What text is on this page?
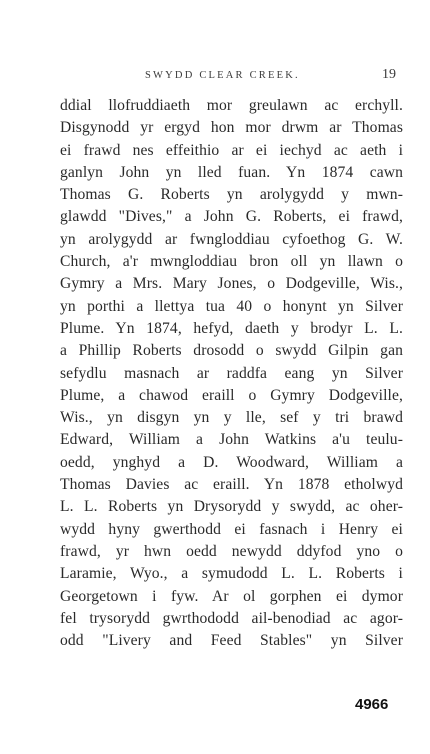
SWYDD CLEAR CREEK.	19
ddial llofruddiaeth mor greulawn ac erchyll.
Disgynodd yr ergyd hon mor drwm ar Thomas
ei frawd nes effeithio ar ei iechyd ac aeth i
ganlyn John yn lled fuan. Yn 1874 cawn
Thomas G. Roberts yn arolygydd y mwn-
glawdd "Dives," a John G. Roberts, ei frawd,
yn arolygydd ar fwngloddiau cyfoethog G. W.
Church, a'r mwngloddiau bron oll yn llawn o
Gymry a Mrs. Mary Jones, o Dodgeville, Wis.,
yn porthi a llettya tua 40 o honynt yn Silver
Plume. Yn 1874, hefyd, daeth y brodyr L. L.
a Phillip Roberts drosodd o swydd Gilpin gan
sefydlu masnach ar raddfa eang yn Silver
Plume, a chawod eraill o Gymry Dodgeville,
Wis., yn disgyn yn y lle, sef y tri brawd
Edward, William a John Watkins a'u teulu-
oedd, ynghyd a D. Woodward, William a
Thomas Davies ac eraill. Yn 1878 etholwyd
L. L. Roberts yn Drysorydd y swydd, ac oher-
wydd hyny gwerthodd ei fasnach i Henry ei
frawd, yr hwn oedd newydd ddyfod yno o
Laramie, Wyo., a symudodd L. L. Roberts i
Georgetown i fyw. Ar ol gorphen ei dymor
fel trysorydd gwrthododd ail-benodiad ac agor-
odd "Livery and Feed Stables" yn Silver
4966
